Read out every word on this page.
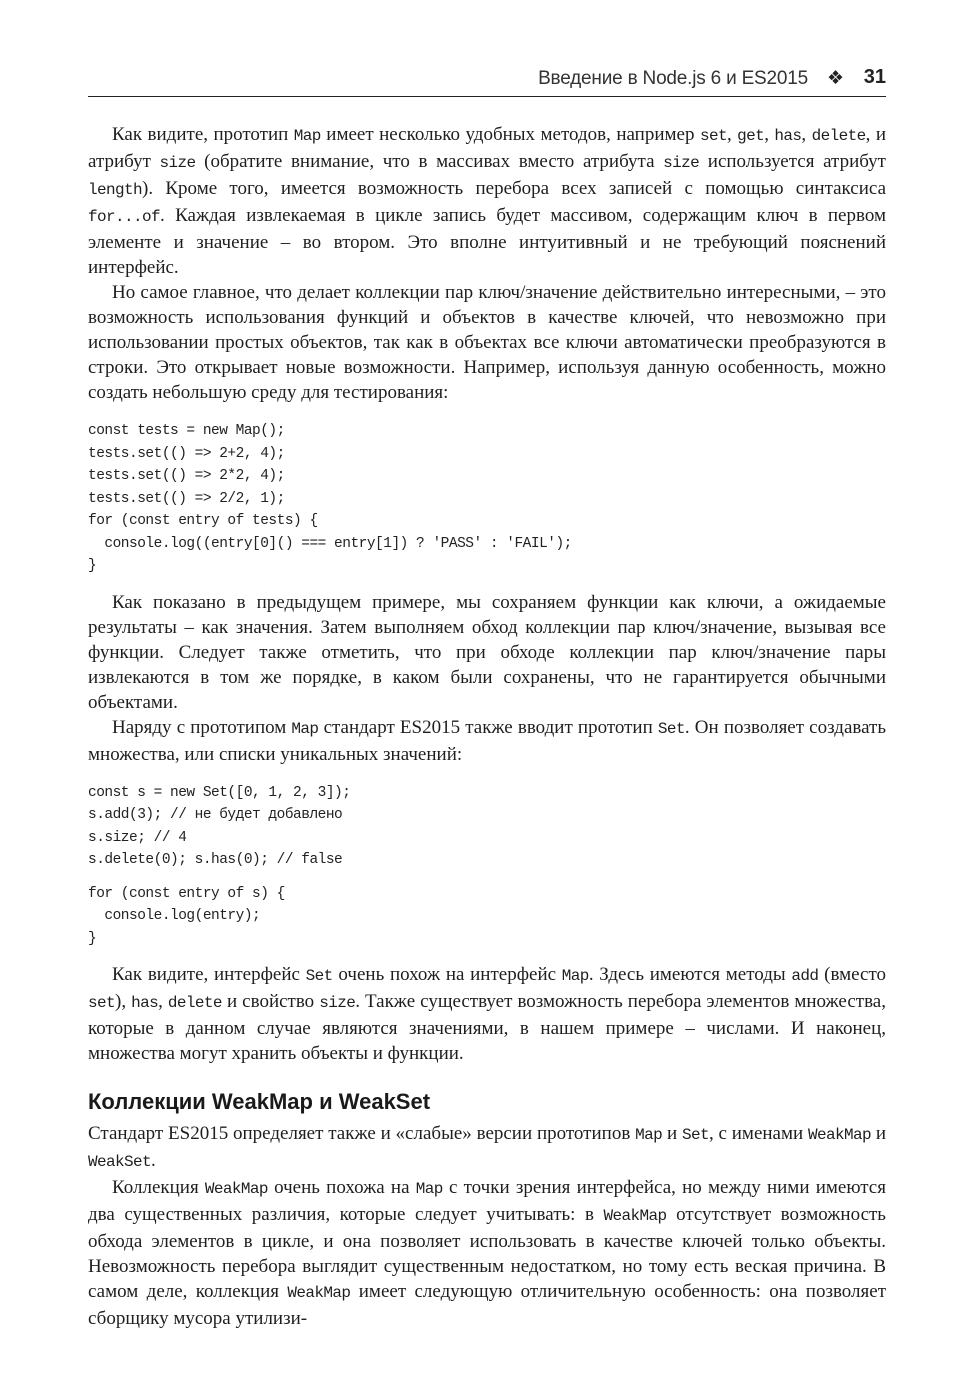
Введение в Node.js 6 и ES2015 ❖ 31

Как видите, прототип Map имеет несколько удобных методов, например set, get, has, delete, и атрибут size (обратите внимание, что в массивах вместо атрибута size используется атрибут length). Кроме того, имеется возможность перебора всех записей с помощью синтаксиса for...of. Каждая извлекаемая в цикле запись будет массивом, содержащим ключ в первом элементе и значение – во втором. Это вполне интуитивный и не требующий пояснений интерфейс.

Но самое главное, что делает коллекции пар ключ/значение действительно интересными, – это возможность использования функций и объектов в качестве ключей, что невозможно при использовании простых объектов, так как в объектах все ключи автоматически преобразуются в строки. Это открывает новые возможности. Например, используя данную особенность, можно создать небольшую среду для тестирования:

const tests = new Map();
tests.set(() => 2+2, 4);
tests.set(() => 2*2, 4);
tests.set(() => 2/2, 1);
for (const entry of tests) {
console.log((entry[0]() === entry[1]) ? 'PASS' : 'FAIL');
}

Как показано в предыдущем примере, мы сохраняем функции как ключи, а ожидаемые результаты – как значения. Затем выполняем обход коллекции пар ключ/значение, вызывая все функции. Следует также отметить, что при обходе коллекции пар ключ/значение пары извлекаются в том же порядке, в каком были сохранены, что не гарантируется обычными объектами.

Наряду с прототипом Map стандарт ES2015 также вводит прототип Set. Он позволяет создавать множества, или списки уникальных значений:

const s = new Set([0, 1, 2, 3]);
s.add(3); // не будет добавлено
s.size; // 4
s.delete(0); s.has(0); // false
for (const entry of s) {
console.log(entry);
}

Как видите, интерфейс Set очень похож на интерфейс Map. Здесь имеются методы add (вместо set), has, delete и свойство size. Также существует возможность перебора элементов множества, которые в данном случае являются значениями, в нашем примере – числами. И наконец, множества могут хранить объекты и функции.

Коллекции WeakMap и WeakSet

Стандарт ES2015 определяет также и «слабые» версии прототипов Map и Set, с именами WeakMap и WeakSet.

Коллекция WeakMap очень похожа на Map с точки зрения интерфейса, но между ними имеются два существенных различия, которые следует учитывать: в WeakMap отсутствует возможность обхода элементов в цикле, и она позволяет использовать в качестве ключей только объекты. Невозможность перебора выглядит существенным недостатком, но тому есть веская причина. В самом деле, коллекция WeakMap имеет следующую отличительную особенность: она позволяет сборщику мусора утилизи-
